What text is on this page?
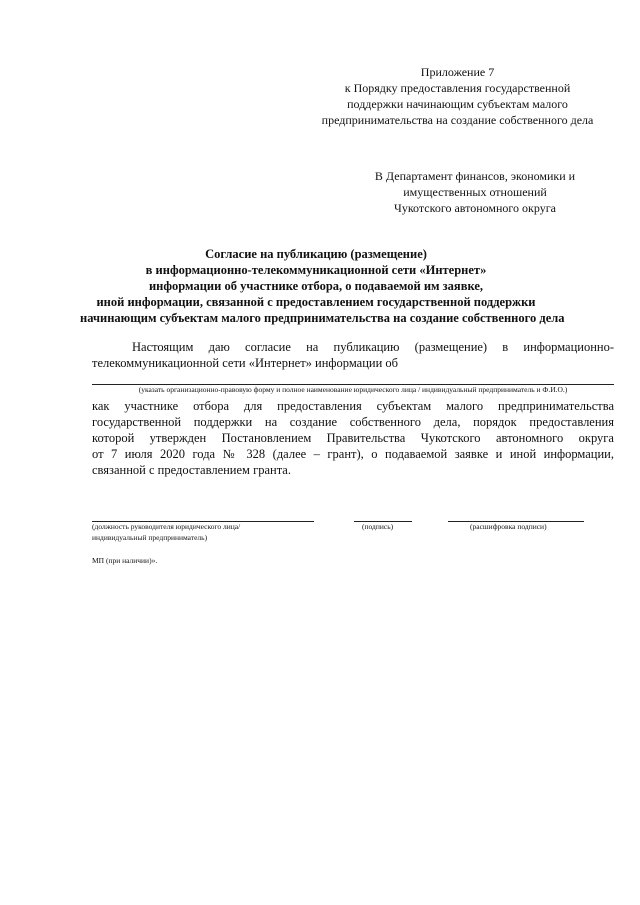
Приложение 7
к Порядку предоставления государственной
поддержки начинающим субъектам малого
предпринимательства на создание собственного дела
В Департамент финансов, экономики и
имущественных отношений
Чукотского автономного округа
Согласие на публикацию (размещение)
в информационно-телекоммуникационной сети «Интернет»
информации об участнике отбора, о подаваемой им заявке,
иной информации, связанной с предоставлением государственной поддержки
начинающим субъектам малого предпринимательства на создание собственного дела
Настоящим даю согласие на публикацию (размещение) в информационно-
телекоммуникационной сети «Интернет» информации об
(указать организационно-правовую форму и полное наименование юридического лица / индивидуальный предприниматель и Ф.И.О.)
как участнике отбора для предоставления субъектам малого предпринимательства
государственной поддержки на создание собственного дела, порядок предоставления
которой утвержден Постановлением Правительства Чукотского автономного округа
от 7 июля 2020 года № 328 (далее – грант), о подаваемой заявке и иной информации,
связанной с предоставлением гранта.
(должность руководителя юридического лица/
индивидуальный предприниматель)
(подпись)	(расшифровка подписи)
МП (при наличии)».
